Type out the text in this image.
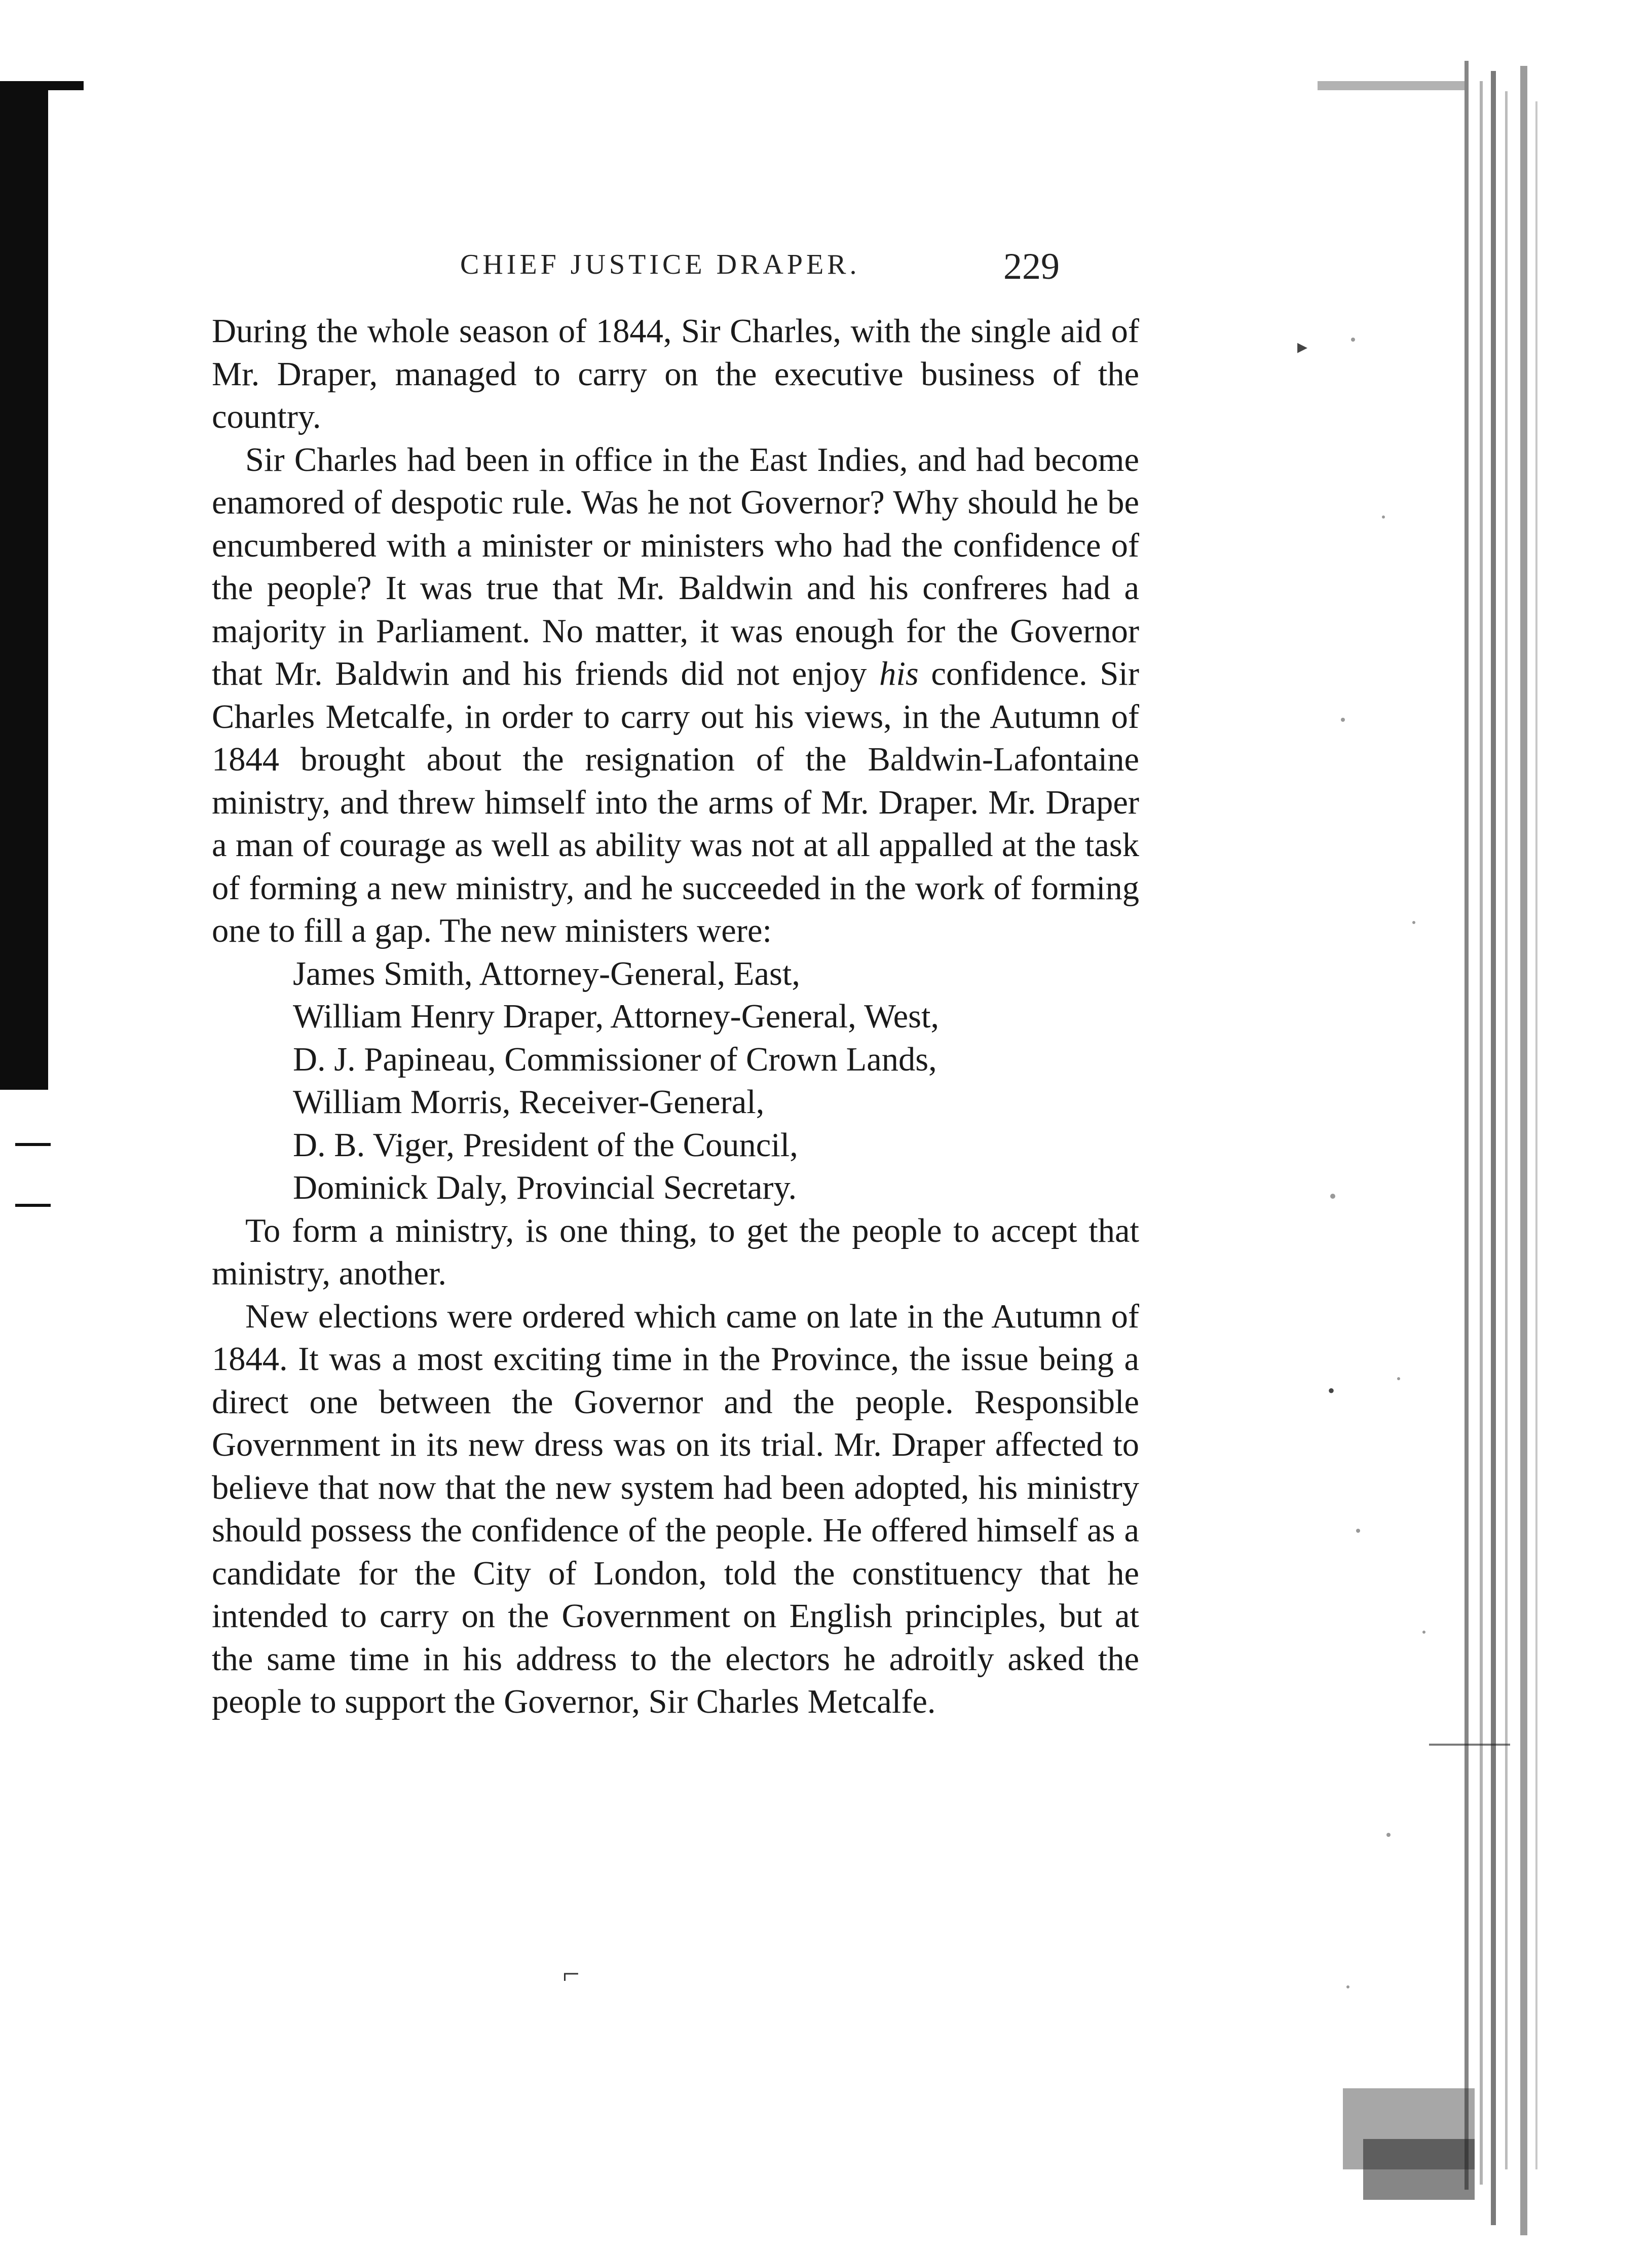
▸
•
CHIEF JUSTICE DRAPER.	229

During the whole season of 1844, Sir Charles, with the single aid of Mr. Draper, managed to carry on the executive business of the country.

Sir Charles had been in office in the East Indies, and had become enamored of despotic rule. Was he not Governor? Why should he be encumbered with a minister or ministers who had the confidence of the people? It was true that Mr. Baldwin and his confreres had a majority in Parliament. No matter, it was enough for the Governor that Mr. Baldwin and his friends did not enjoy his confidence. Sir Charles Metcalfe, in order to carry out his views, in the Autumn of 1844 brought about the resignation of the Baldwin-Lafontaine ministry, and threw himself into the arms of Mr. Draper. Mr. Draper a man of courage as well as ability was not at all appalled at the task of forming a new ministry, and he succeeded in the work of forming one to fill a gap. The new ministers were:

James Smith, Attorney-General, East,
William Henry Draper, Attorney-General, West,
D. J. Papineau, Commissioner of Crown Lands,
William Morris, Receiver-General,
D. B. Viger, President of the Council,
Dominick Daly, Provincial Secretary.

To form a ministry, is one thing, to get the people to accept that ministry, another.

New elections were ordered which came on late in the Autumn of 1844. It was a most exciting time in the Province, the issue being a direct one between the Governor and the people. Responsible Government in its new dress was on its trial. Mr. Draper affected to believe that now that the new system had been adopted, his ministry should possess the confidence of the people. He offered himself as a candidate for the City of London, told the constituency that he intended to carry on the Government on English principles, but at the same time in his address to the electors he adroitly asked the people to support the Governor, Sir Charles Metcalfe.

⌐
